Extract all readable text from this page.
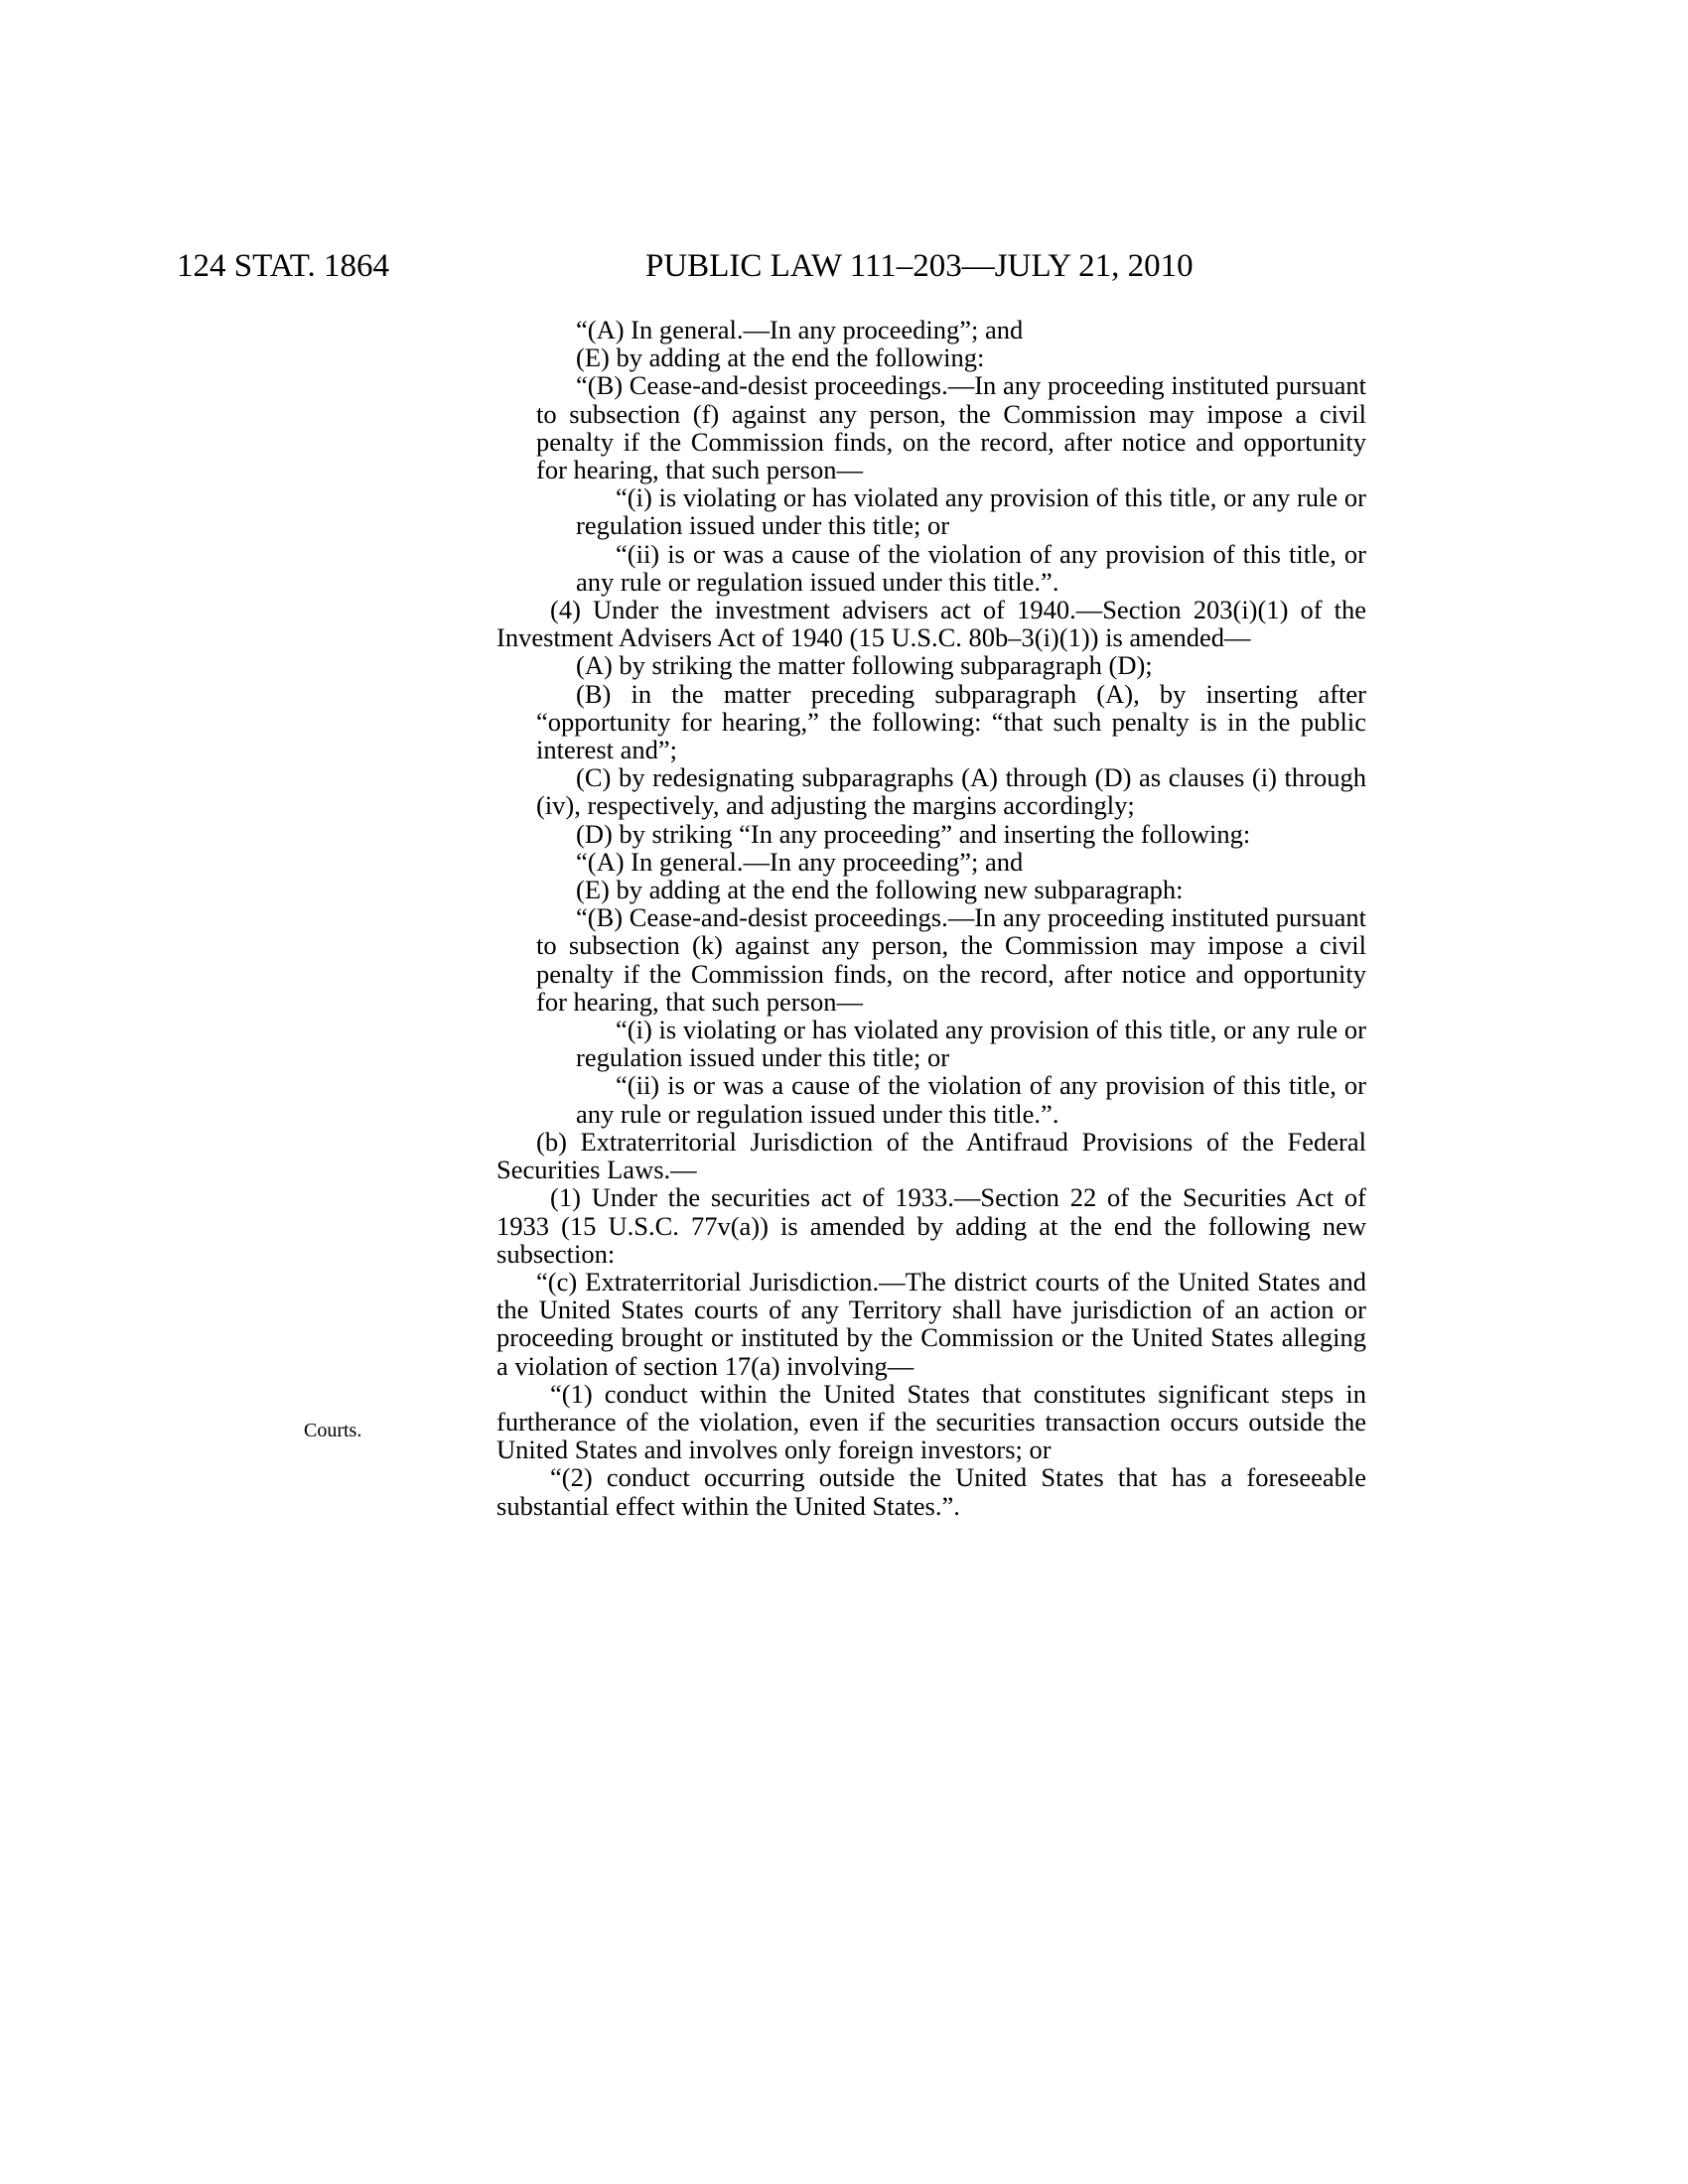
124 STAT. 1864	PUBLIC LAW 111–203—JULY 21, 2010
Courts.

“(A) In general.—In any proceeding”; and

(E) by adding at the end the following:

“(B) Cease-and-desist proceedings.—In any proceeding instituted pursuant to subsection (f) against any person, the Commission may impose a civil penalty if the Commission finds, on the record, after notice and opportunity for hearing, that such person—

“(i) is violating or has violated any provision of this title, or any rule or regulation issued under this title; or

“(ii) is or was a cause of the violation of any provision of this title, or any rule or regulation issued under this title.”.

(4) Under the investment advisers act of 1940.—Section 203(i)(1) of the Investment Advisers Act of 1940 (15 U.S.C. 80b–3(i)(1)) is amended—

(A) by striking the matter following subparagraph (D);

(B) in the matter preceding subparagraph (A), by inserting after “opportunity for hearing,” the following: “that such penalty is in the public interest and”;

(C) by redesignating subparagraphs (A) through (D) as clauses (i) through (iv), respectively, and adjusting the margins accordingly;

(D) by striking “In any proceeding” and inserting the following:

“(A) In general.—In any proceeding”; and

(E) by adding at the end the following new subparagraph:

“(B) Cease-and-desist proceedings.—In any proceeding instituted pursuant to subsection (k) against any person, the Commission may impose a civil penalty if the Commission finds, on the record, after notice and opportunity for hearing, that such person—

“(i) is violating or has violated any provision of this title, or any rule or regulation issued under this title; or

“(ii) is or was a cause of the violation of any provision of this title, or any rule or regulation issued under this title.”.

(b) Extraterritorial Jurisdiction of the Antifraud Provisions of the Federal Securities Laws.—

(1) Under the securities act of 1933.—Section 22 of the Securities Act of 1933 (15 U.S.C. 77v(a)) is amended by adding at the end the following new subsection:

“(c) Extraterritorial Jurisdiction.—The district courts of the United States and the United States courts of any Territory shall have jurisdiction of an action or proceeding brought or instituted by the Commission or the United States alleging a violation of section 17(a) involving—

“(1) conduct within the United States that constitutes significant steps in furtherance of the violation, even if the securities transaction occurs outside the United States and involves only foreign investors; or

“(2) conduct occurring outside the United States that has a foreseeable substantial effect within the United States.”.
